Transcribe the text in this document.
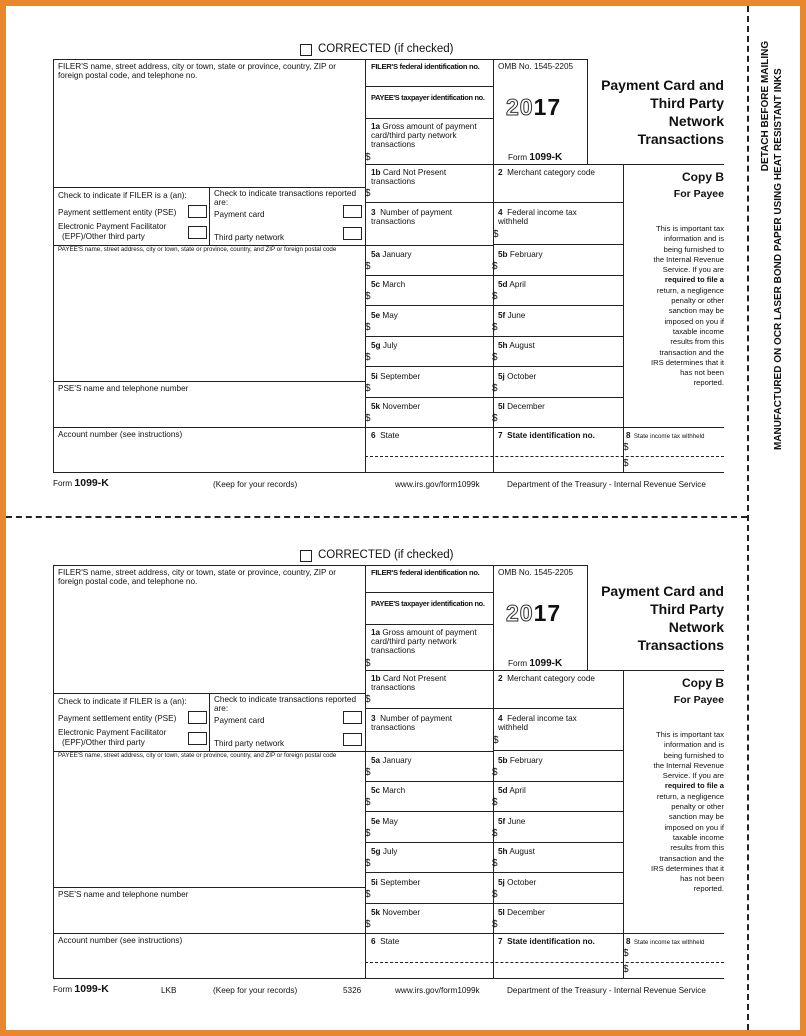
DETACH BEFORE MAILING MANUFACTURED ON OCR LASER BOND PAPER USING HEAT RESISTANT INKS
CORRECTED (if checked)
FILER'S name, street address, city or town, state or province, country, ZIP or foreign postal code, and telephone no.
FILER'S federal identification no.
PAYEE'S taxpayer identification no.
1a Gross amount of payment card/third party network transactions
$
OMB No. 1545-2205
2017
Form 1099-K
Payment Card and
Third Party
Network
Transactions
1b Card Not Present transactions
$
2 Merchant category code	Copy B
For Payee
Check to indicate if FILER is a (an):	Check to indicate transactions reported are:
Payment settlement entity (PSE)	Payment card
Electronic Payment Facilitator
(EPF)/Other third party	Third party network
3 Number of payment transactions
4 Federal income tax withheld
$
PAYEE'S name, street address, city or town, state or province, country, and ZIP or foreign postal code
PSE'S name and telephone number
Account number (see instructions)
5a January
$
5b February
$
5c March
$
5d April
$
5e May
$
5f June
$
5g July
$
5h August
$
5i September
$
5j October
$
5k November
$
5l December
$
This is important tax
information and is
being furnished to
the Internal Revenue
Service. If you are
required to file a
return, a negligence
penalty or other
sanction may be
imposed on you if
taxable income
results from this
transaction and the
IRS determines that it
has not been
reported.
6 State	7 State identification no.	8 State income tax withheld
$
$
Form 1099-K	(Keep for your records)	www.irs.gov/form1099k	Department of the Treasury - Internal Revenue Service
CORRECTED (if checked)
FILER'S name, street address, city or town, state or province, country, ZIP or foreign postal code, and telephone no.
FILER'S federal identification no.
PAYEE'S taxpayer identification no.
1a Gross amount of payment card/third party network transactions
$
OMB No. 1545-2205
2017
Form 1099-K
Payment Card and
Third Party
Network
Transactions
1b Card Not Present transactions
$
2 Merchant category code	Copy B
For Payee
Check to indicate if FILER is a (an):	Check to indicate transactions reported are:
Payment settlement entity (PSE)	Payment card
Electronic Payment Facilitator
(EPF)/Other third party	Third party network
3 Number of payment transactions
4 Federal income tax withheld
$
PAYEE'S name, street address, city or town, state or province, country, and ZIP or foreign postal code
PSE'S name and telephone number
Account number (see instructions)
5a January
$
5b February
$
5c March
$
5d April
$
5e May
$
5f June
$
5g July
$
5h August
$
5i September
$
5j October
$
5k November
$
5l December
$
This is important tax
information and is
being furnished to
the Internal Revenue
Service. If you are
required to file a
return, a negligence
penalty or other
sanction may be
imposed on you if
taxable income
results from this
transaction and the
IRS determines that it
has not been
reported.
6 State	7 State identification no.	8 State income tax withheld
$
$
Form 1099-K	LKB	(Keep for your records)	5326	www.irs.gov/form1099k	Department of the Treasury - Internal Revenue Service
